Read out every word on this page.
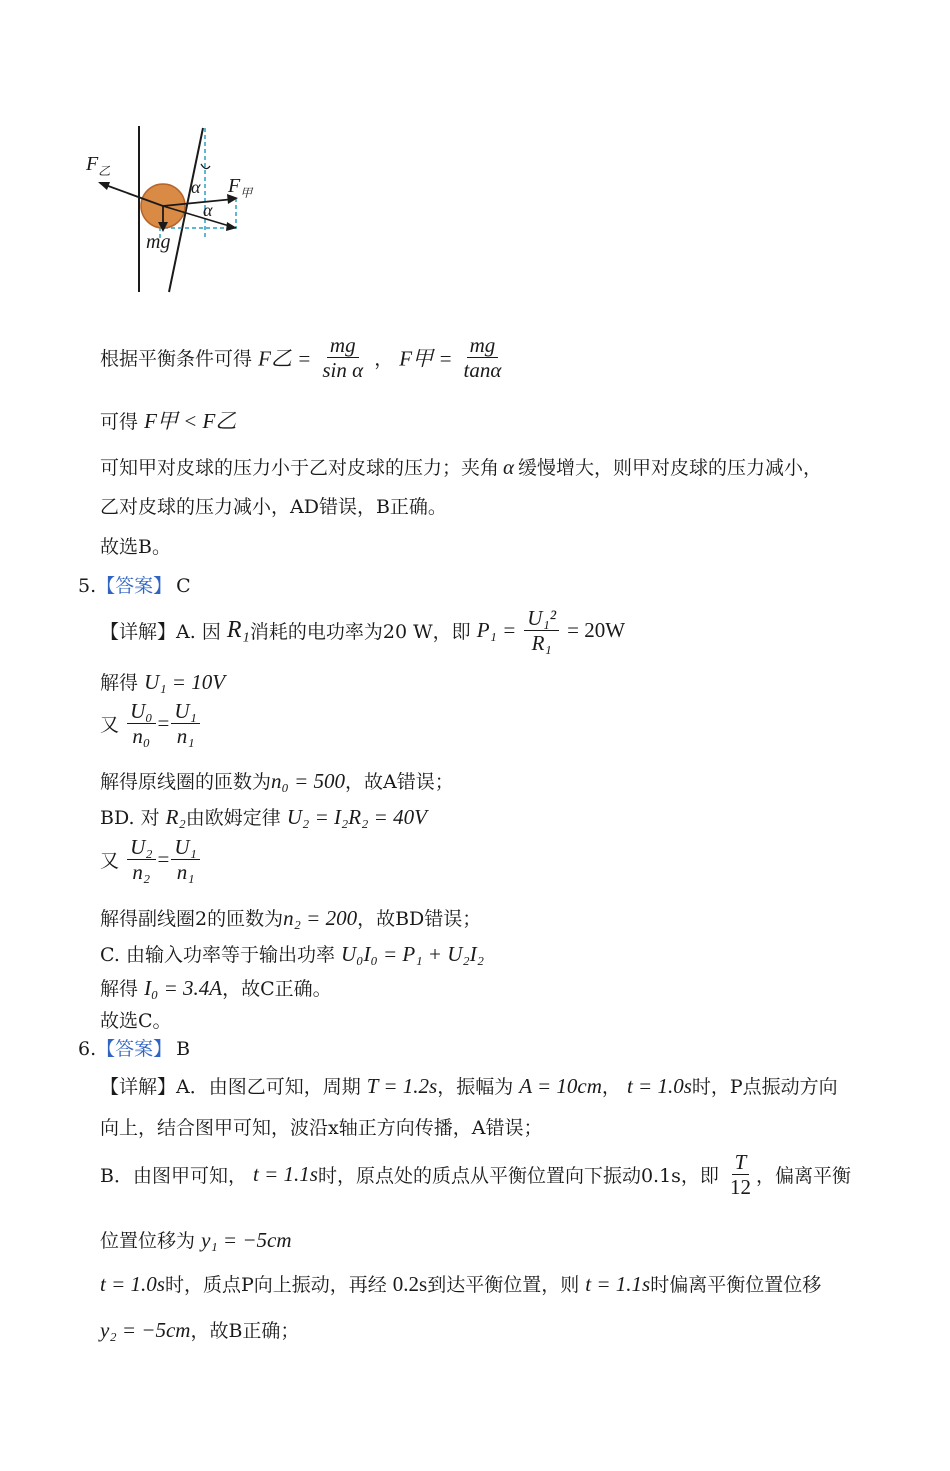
$F_乙$
$F_甲$
α
α
mg
根据平衡条件可得 F乙 = $\frac{mg}{\text{sin α}}$ ， F甲 = $\frac{mg}{\tan\alpha}$
可得 F甲 < F乙
可知甲对皮球的压力小于乙对皮球的压力；夹角 α 缓慢增大，则甲对皮球的压力减小，
乙对皮球的压力减小，AD错误，B正确。
故选B。
5.【答案】 C
【详解】A. 因 R₁消耗的电功率为20 W，即 $P_1 = \frac{\text{U₁²}}{\text{R₁}} = 20W$
解得 U₁ = 10V
又 $\frac{\text{U₀}}{\text{n₀}} = \frac{\text{U₁}}{\text{n₁}}$
解得原线圈的匝数为n₀ = 500，故A错误；
BD. 对 R₂由欧姆定律 U₂ = I₂R₂ = 40V
又 $\frac{\text{U₂}}{\text{n₂}} = \frac{\text{U₁}}{\text{n₁}}$
解得副线圈2的匝数为n₂ = 200，故BD错误；
C. 由输入功率等于输出功率 U₀I₀ = P₁ + U₂I₂
解得 I₀ = 3.4A，故C正确。
故选C。
6.【答案】 B
【详解】A．由图乙可知，周期 T = 1.2s，振幅为 A = 10cm， t = 1.0s时，P点振动方向
向上，结合图甲可知，波沿x轴正方向传播，A错误；
B．由图甲可知， t = 1.1s时，原点处的质点从平衡位置向下振动0.1s，即 $\frac{T}{12}$ ，偏离平衡
位置位移为 y₁ = −5cm
t = 1.0s时，质点P向上振动，再经 0.2s到达平衡位置，则 t = 1.1s时偏离平衡位置位移
y₂ = −5cm，故B正确；
